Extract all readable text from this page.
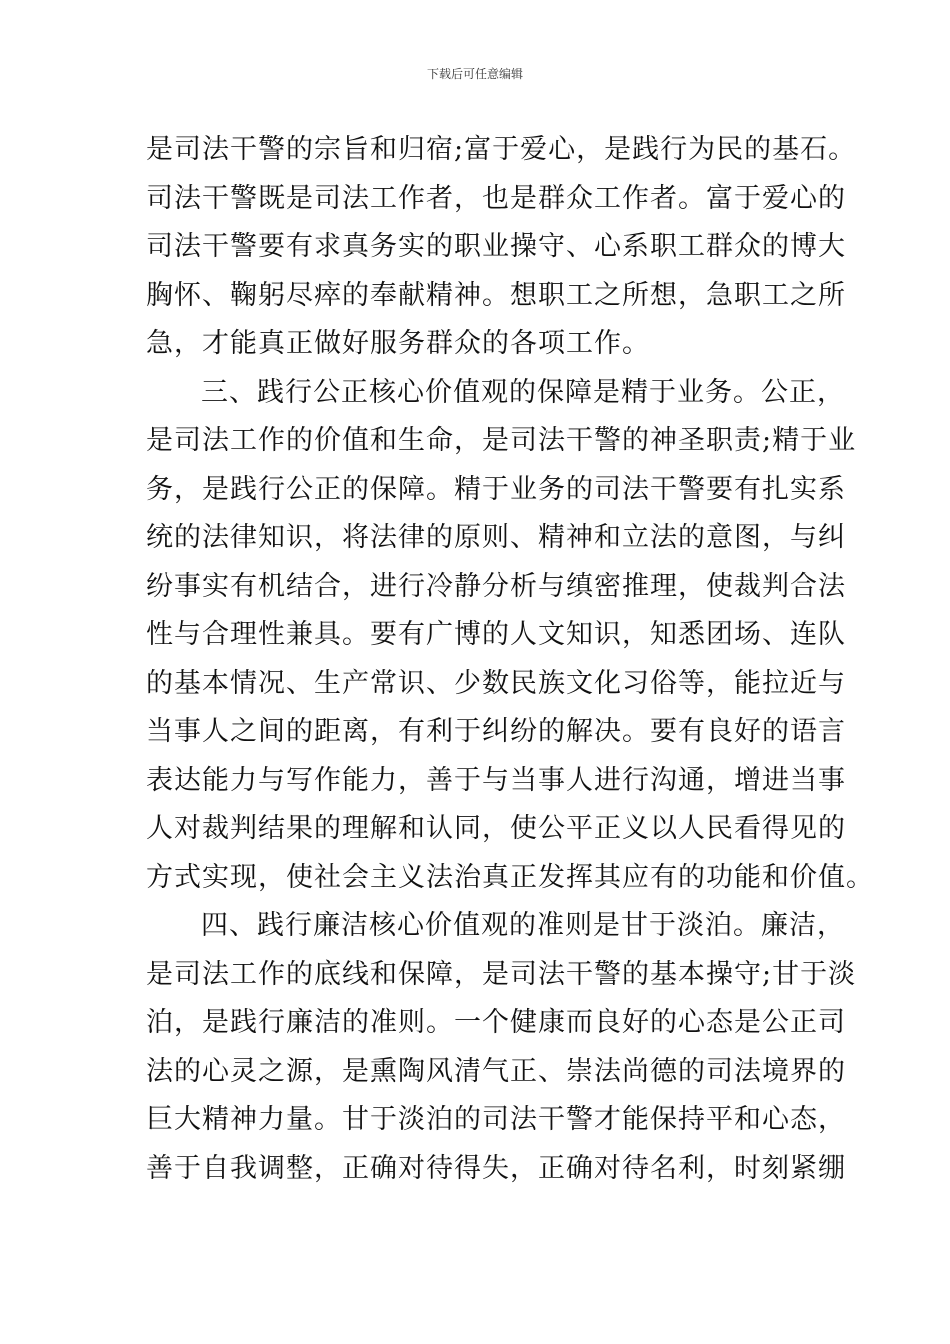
下载后可任意编辑
是司法干警的宗旨和归宿;富于爱心，是践行为民的基石。
司法干警既是司法工作者，也是群众工作者。富于爱心的
司法干警要有求真务实的职业操守、心系职工群众的博大
胸怀、鞠躬尽瘁的奉献精神。想职工之所想，急职工之所
急，才能真正做好服务群众的各项工作。
三、践行公正核心价值观的保障是精于业务。公正，
是司法工作的价值和生命，是司法干警的神圣职责;精于业
务，是践行公正的保障。精于业务的司法干警要有扎实系
统的法律知识，将法律的原则、精神和立法的意图，与纠
纷事实有机结合，进行冷静分析与缜密推理，使裁判合法
性与合理性兼具。要有广博的人文知识，知悉团场、连队
的基本情况、生产常识、少数民族文化习俗等，能拉近与
当事人之间的距离，有利于纠纷的解决。要有良好的语言
表达能力与写作能力，善于与当事人进行沟通，增进当事
人对裁判结果的理解和认同，使公平正义以人民看得见的
方式实现，使社会主义法治真正发挥其应有的功能和价值。
四、践行廉洁核心价值观的准则是甘于淡泊。廉洁，
是司法工作的底线和保障，是司法干警的基本操守;甘于淡
泊，是践行廉洁的准则。一个健康而良好的心态是公正司
法的心灵之源，是熏陶风清气正、崇法尚德的司法境界的
巨大精神力量。甘于淡泊的司法干警才能保持平和心态，
善于自我调整，正确对待得失，正确对待名利，时刻紧绷
